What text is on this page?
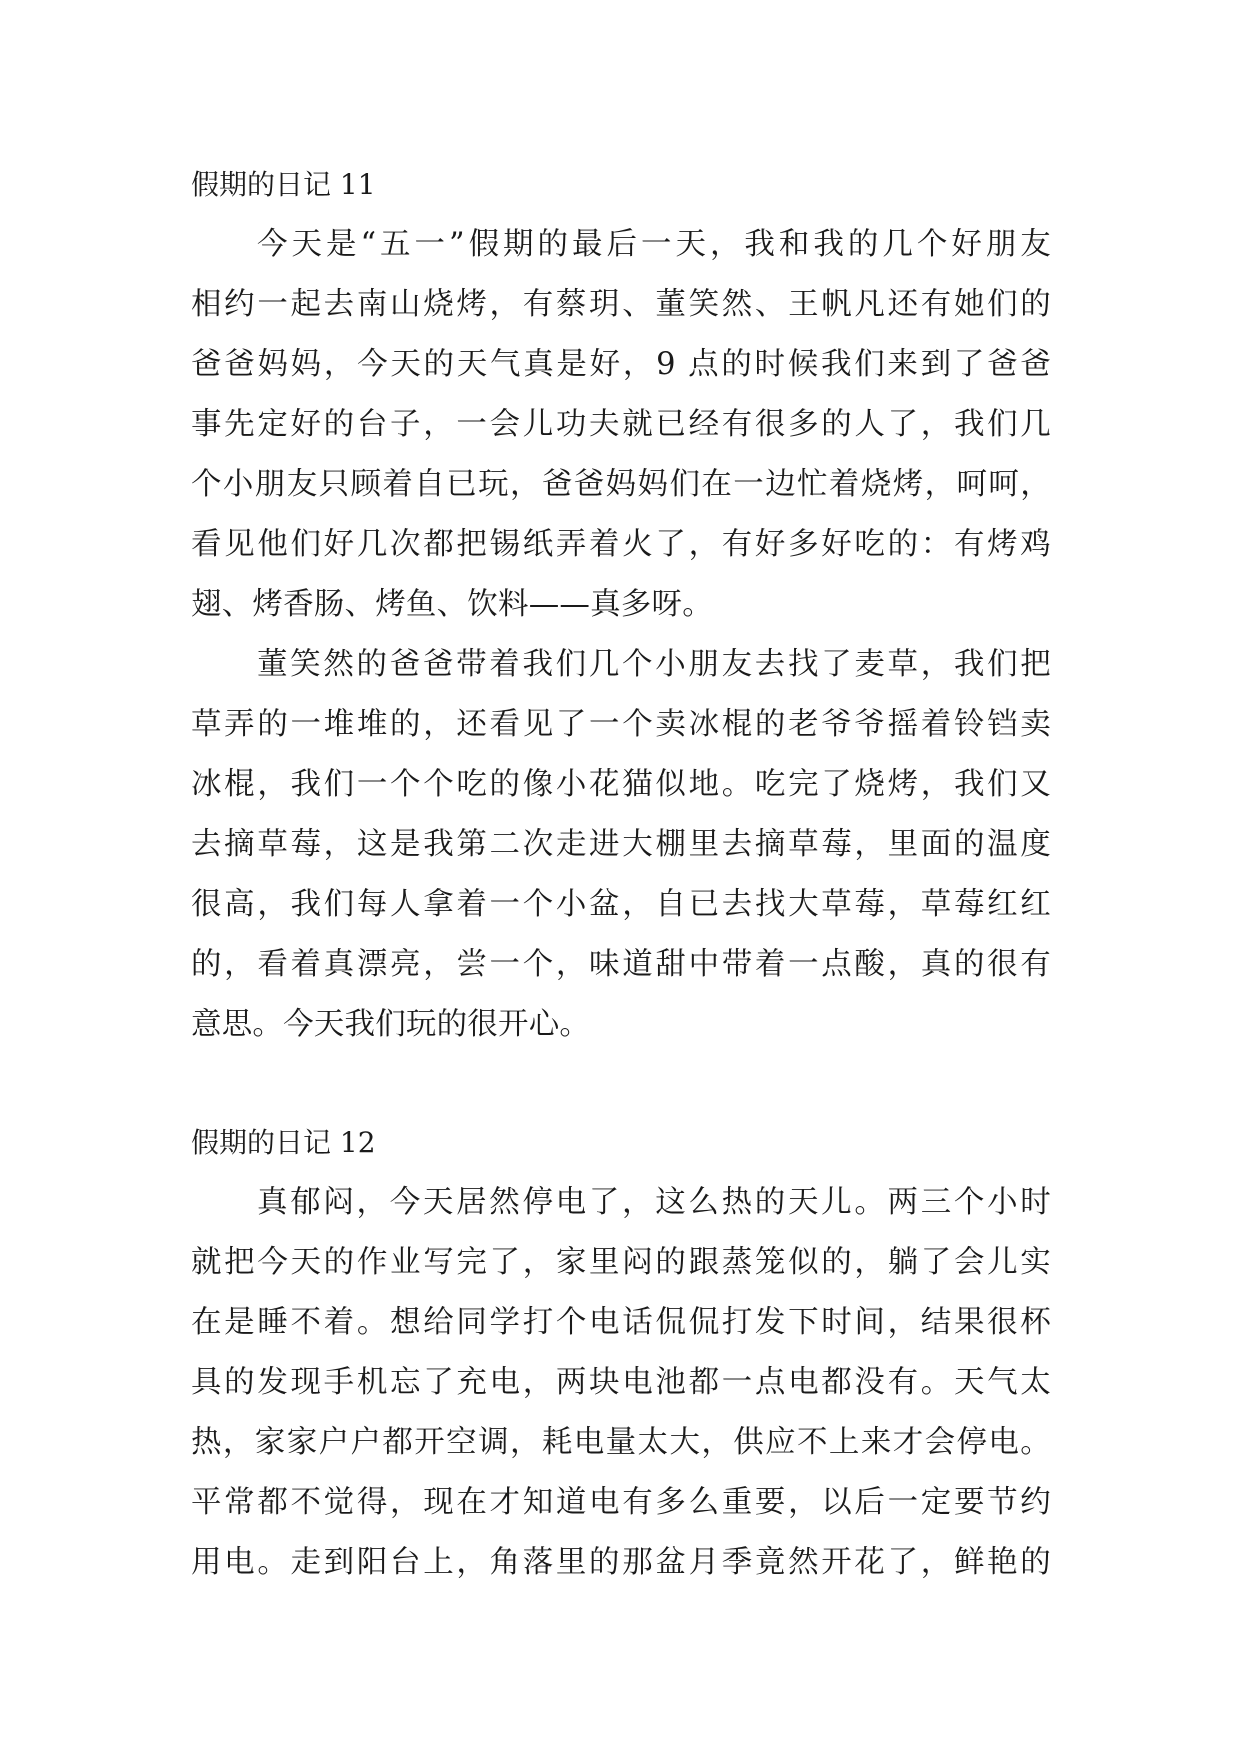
假期的日记 11

今天是“五一”假期的最后一天，我和我的几个好朋友

相约一起去南山烧烤，有蔡玥、董笑然、王帆凡还有她们的

爸爸妈妈，今天的天气真是好，9 点的时候我们来到了爸爸

事先定好的台子，一会儿功夫就已经有很多的人了，我们几

个小朋友只顾着自已玩，爸爸妈妈们在一边忙着烧烤，呵呵，

看见他们好几次都把锡纸弄着火了，有好多好吃的：有烤鸡

翅、烤香肠、烤鱼、饮料——真多呀。

董笑然的爸爸带着我们几个小朋友去找了麦草，我们把

草弄的一堆堆的，还看见了一个卖冰棍的老爷爷摇着铃铛卖

冰棍，我们一个个吃的像小花猫似地。吃完了烧烤，我们又

去摘草莓，这是我第二次走进大棚里去摘草莓，里面的温度

很高，我们每人拿着一个小盆，自已去找大草莓，草莓红红

的，看着真漂亮，尝一个，味道甜中带着一点酸，真的很有

意思。今天我们玩的很开心。

假期的日记 12

真郁闷，今天居然停电了，这么热的天儿。两三个小时

就把今天的作业写完了，家里闷的跟蒸笼似的，躺了会儿实

在是睡不着。想给同学打个电话侃侃打发下时间，结果很杯

具的发现手机忘了充电，两块电池都一点电都没有。天气太

热，家家户户都开空调，耗电量太大，供应不上来才会停电。

平常都不觉得，现在才知道电有多么重要，以后一定要节约

用电。走到阳台上，角落里的那盆月季竟然开花了，鲜艳的
